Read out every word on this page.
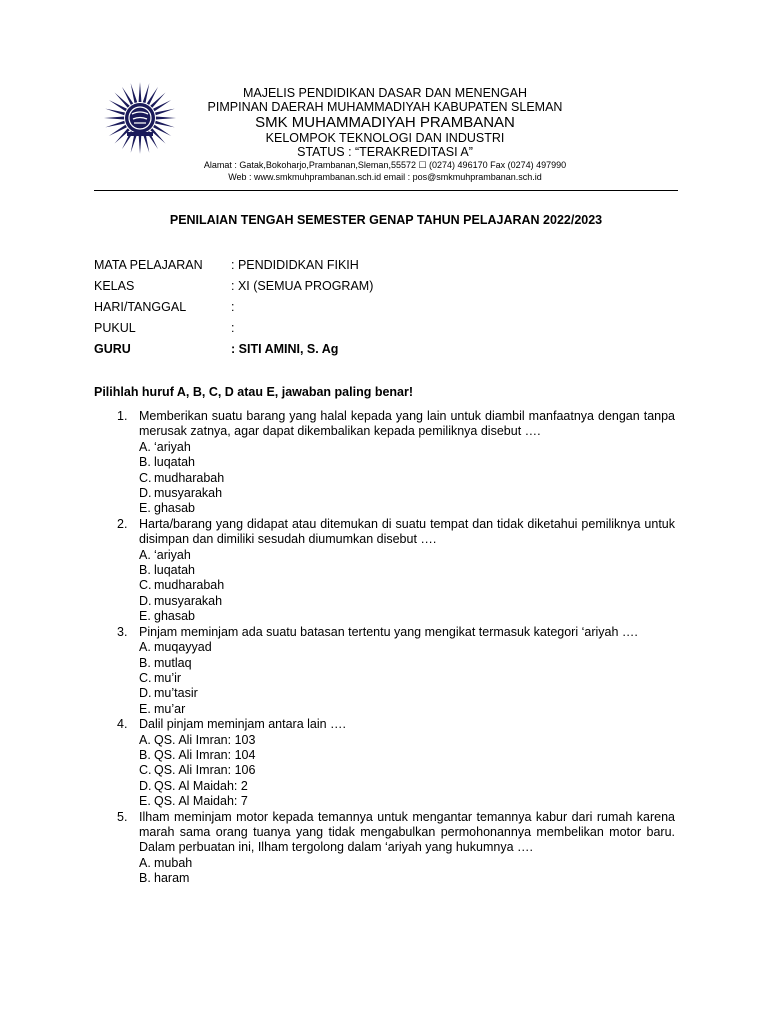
MAJELIS PENDIDIKAN DASAR DAN MENENGAH
PIMPINAN DAERAH MUHAMMADIYAH KABUPATEN SLEMAN
SMK MUHAMMADIYAH PRAMBANAN
KELOMPOK TEKNOLOGI DAN INDUSTRI
STATUS : “TERAKREDITASI A”
Alamat : Gatak,Bokoharjo,Prambanan,Sleman,55572 ☐ (0274) 496170 Fax (0274) 497990
Web : www.smkmuhprambanan.sch.id email : pos@smkmuhprambanan.sch.id
PENILAIAN TENGAH SEMESTER GENAP TAHUN PELAJARAN 2022/2023
MATA PELAJARAN : PENDIDIDKAN FIKIH
KELAS	: XI (SEMUA PROGRAM)
HARI/TANGGAL	:
PUKUL	:
GURU	: SITI AMINI, S. Ag
Pilihlah huruf A, B, C, D atau E, jawaban paling benar!
1. Memberikan suatu barang yang halal kepada yang lain untuk diambil manfaatnya dengan tanpa merusak zatnya, agar dapat dikembalikan kepada pemiliknya disebut ….
A. ‘ariyah
B. luqatah
C. mudharabah
D. musyarakah
E. ghasab
2. Harta/barang yang didapat atau ditemukan di suatu tempat dan tidak diketahui pemiliknya untuk disimpan dan dimiliki sesudah diumumkan disebut ….
A. ‘ariyah
B. luqatah
C. mudharabah
D. musyarakah
E. ghasab
3. Pinjam meminjam ada suatu batasan tertentu yang mengikat termasuk kategori ‘ariyah ….
A. muqayyad
B. mutlaq
C. mu’ir
D. mu’tasir
E. mu’ar
4. Dalil pinjam meminjam antara lain ….
A. QS. Ali Imran: 103
B. QS. Ali Imran: 104
C. QS. Ali Imran: 106
D. QS. Al Maidah: 2
E. QS. Al Maidah: 7
5. Ilham meminjam motor kepada temannya untuk mengantar temannya kabur dari rumah karena marah sama orang tuanya yang tidak mengabulkan permohonannya membelikan motor baru. Dalam perbuatan ini, Ilham tergolong dalam ‘ariyah yang hukumnya ….
A. mubah
B. haram
